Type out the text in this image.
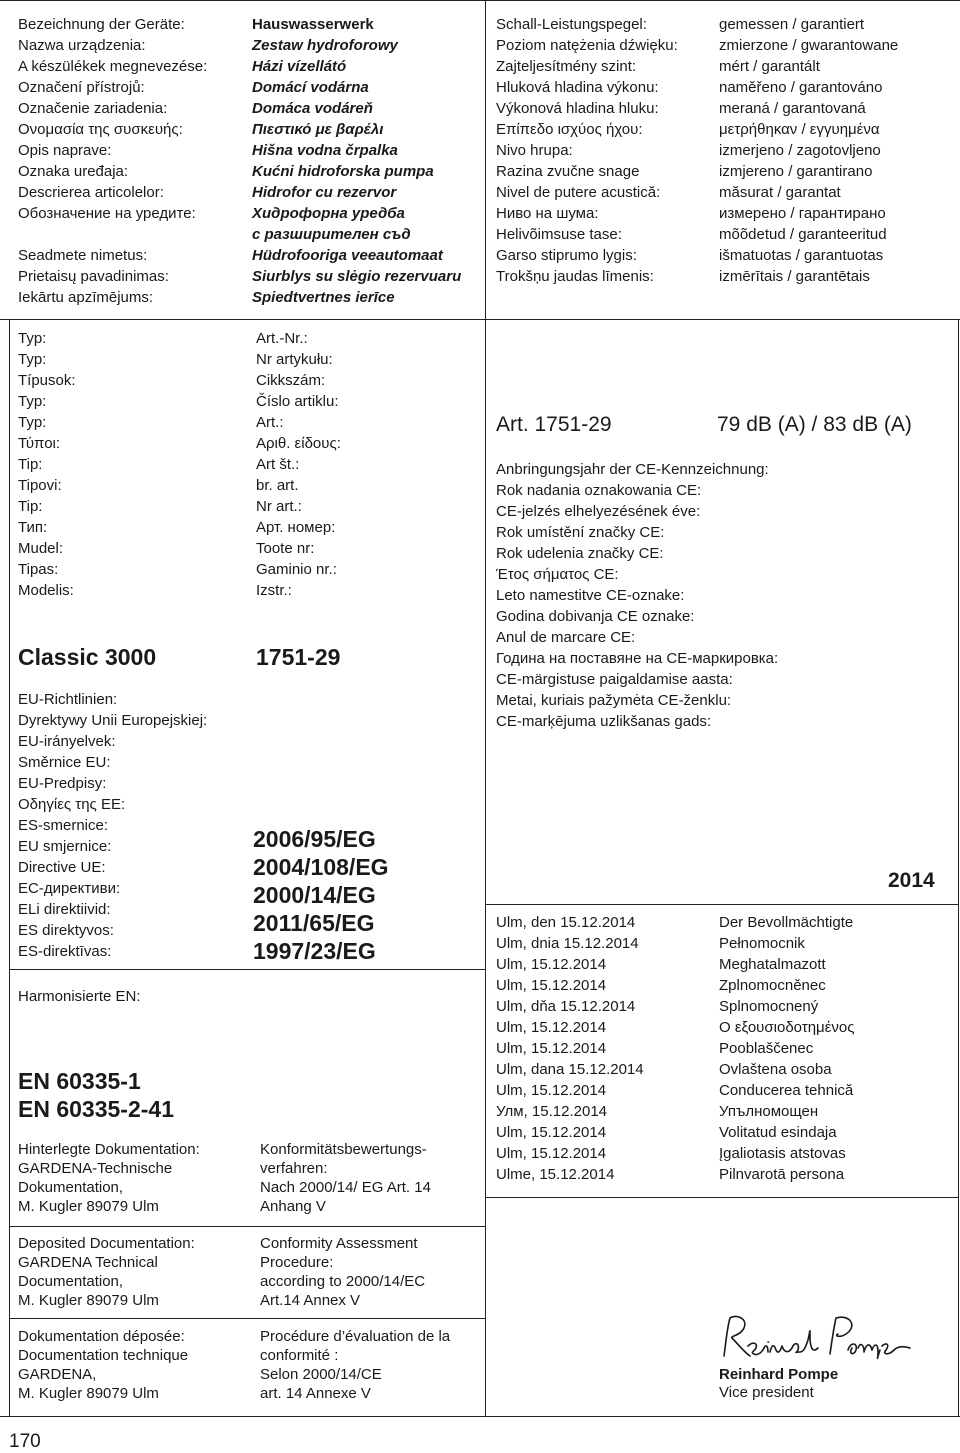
Bezeichnung der Geräte:
Nazwa urządzenia:
A készülékek megnevezése:
Označení přístrojů:
Označenie zariadenia:
Ονομασία της συσκευής:
Opis naprave:
Oznaka uređaja:
Descrierea articolelor:
Обозначение на уредите:
Seadmete nimetus:
Prietaisų pavadinimas:
Iekārtu apzīmējums:
Hauswasserwerk
Zestaw hydroforowy
Házi vízellátó
Domácí vodárna
Domáca vodáreň
Πιεστικό με βαρέλι
Hišna vodna črpalka
Kućni hidroforska pumpa
Hidrofor cu rezervor
Хидрофорна уредба
с разширителен съд
Hüdrofooriga veeautomaat
Siurblys su slėgio rezervuaru
Spiedtvertnes ierīce
Schall-Leistungspegel:
Poziom natężenia dźwięku:
Zajteljesítmény szint:
Hluková hladina výkonu:
Výkonová hladina hluku:
Επίπεδο ισχύος ήχου:
Nivo hrupa:
Razina zvučne snage
Nivel de putere acustică:
Ниво на шума:
Helivõimsuse tase:
Garso stiprumo lygis:
Trokšņu jaudas līmenis:
gemessen / garantiert
zmierzone / gwarantowane
mért / garantált
naměřeno / garantováno
meraná / garantovaná
μετρήθηκαν / εγγυημένα
izmerjeno / zagotovljeno
izmjereno / garantirano
măsurat / garantat
измерено / гарантирано
mõõdetud / garanteeritud
išmatuotas / garantuotas
izmērītais / garantētais
Typ:
Typ:
Típusok:
Typ:
Typ:
Τύποι:
Tip:
Tipovi:
Tip:
Тип:
Mudel:
Tipas:
Modelis:
Classic 3000
Art.-Nr.:
Nr artykułu:
Cikkszám:
Číslo artiklu:
Art.:
Αριθ. είδους:
Art št.:
br. art.
Nr art.:
Арт. номер:
Toote nr:
Gaminio nr.:
Izstr.:
1751-29
Art. 1751-29	79 dB (A) / 83 dB (A)
Anbringungsjahr der CE-Kennzeichnung:
Rok nadania oznakowania CE:
CE-jelzés elhelyezésének éve:
Rok umístění značky CE:
Rok udelenia značky CE:
Έτος σήματος CE:
Leto namestitve CE-oznake:
Godina dobivanja CE oznake:
Anul de marcare CE:
Година на поставяне на CE-маркировка:
CE-märgistuse paigaldamise aasta:
Metai, kuriais pažymėta CE-ženklu:
CE-marķējuma uzlikšanas gads:
2014
EU-Richtlinien:
Dyrektywy Unii Europejskiej:
EU-irányelvek:
Směrnice EU:
EU-Predpisy:
Οδηγίες της ΕΕ:
ES-smernice:
EU smjernice:
Directive UE:
ЕС-директиви:
ELi direktiivid:
ES direktyvos:
ES-direktīvas:
2006/95/EG
2004/108/EG
2000/14/EG
2011/65/EG
1997/23/EG
Harmonisierte EN:
EN 60335-1
EN 60335-2-41
Ulm, den 15.12.2014
Ulm, dnia 15.12.2014
Ulm, 15.12.2014
Ulm, 15.12.2014
Ulm, dňa 15.12.2014
Ulm, 15.12.2014
Ulm, 15.12.2014
Ulm, dana 15.12.2014
Ulm, 15.12.2014
Улм, 15.12.2014
Ulm, 15.12.2014
Ulm, 15.12.2014
Ulme, 15.12.2014
Der Bevollmächtigte
Pełnomocnik
Meghatalmazott
Zplnomocněnec
Splnomocnený
Ο εξουσιοδοτημένος
Pooblaščenec
Ovlaštena osoba
Conducerea tehnică
Упълномощен
Volitatud esindaja
Įgaliotasis atstovas
Pilnvarotā persona
Hinterlegte Dokumentation:
GARDENA-Technische
Dokumentation,
M. Kugler 89079 Ulm
Deposited Documentation:
GARDENA Technical
Documentation,
M. Kugler 89079 Ulm
Dokumentation déposée:
Documentation technique
GARDENA,
M. Kugler 89079 Ulm
Konformitätsbewertungs-
verfahren:
Nach 2000/14/ EG Art. 14
Anhang V
Conformity Assessment
Procedure:
according to 2000/14/EC
Art.14 Annex V
Procédure d’évaluation de la
conformité :
Selon 2000/14/CE
art. 14 Annexe V
Reinhard Pompe
Vice president
170
